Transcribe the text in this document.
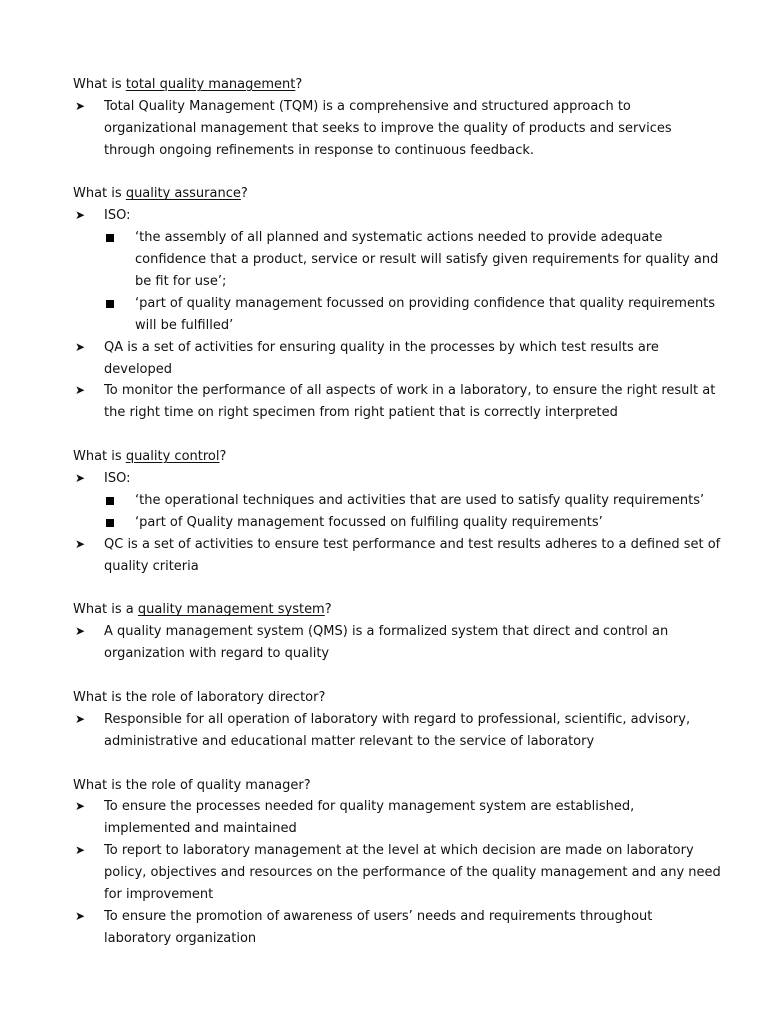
What is total quality management?
➤ Total Quality Management (TQM) is a comprehensive and structured approach to
organizational management that seeks to improve the quality of products and services
through ongoing refinements in response to continuous feedback.
What is quality assurance?
➤ ISO:
‘the assembly of all planned and systematic actions needed to provide adequate
confidence that a product, service or result will satisfy given requirements for quality and
be fit for use’;
‘part of quality management focussed on providing confidence that quality requirements
will be fulfilled’
➤ QA is a set of activities for ensuring quality in the processes by which test results are
developed
➤ To monitor the performance of all aspects of work in a laboratory, to ensure the right result at
the right time on right specimen from right patient that is correctly interpreted
What is quality control?
➤ ISO:
‘the operational techniques and activities that are used to satisfy quality requirements’
‘part of Quality management focussed on fulfiling quality requirements’
➤ QC is a set of activities to ensure test performance and test results adheres to a defined set of
quality criteria
What is a quality management system?
➤ A quality management system (QMS) is a formalized system that direct and control an
organization with regard to quality
What is the role of laboratory director?
➤ Responsible for all operation of laboratory with regard to professional, scientific, advisory,
administrative and educational matter relevant to the service of laboratory
What is the role of quality manager?
➤ To ensure the processes needed for quality management system are established,
implemented and maintained
➤ To report to laboratory management at the level at which decision are made on laboratory
policy, objectives and resources on the performance of the quality management and any need
for improvement
➤ To ensure the promotion of awareness of users’ needs and requirements throughout
laboratory organization
